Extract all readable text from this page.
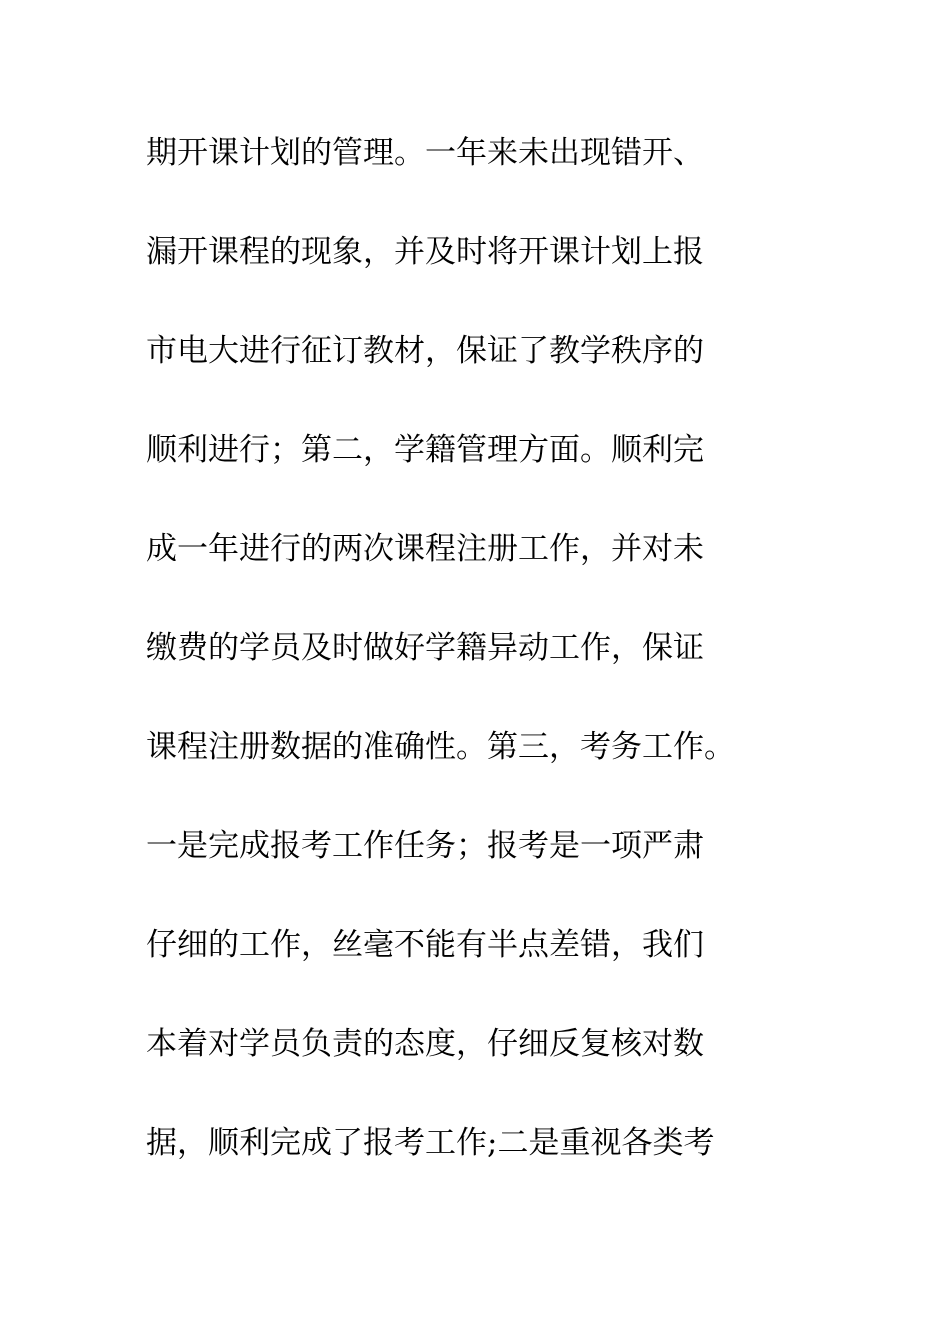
期开课计划的管理。一年来未出现错开、
漏开课程的现象，并及时将开课计划上报
市电大进行征订教材，保证了教学秩序的
顺利进行；第二，学籍管理方面。顺利完
成一年进行的两次课程注册工作，并对未
缴费的学员及时做好学籍异动工作，保证
课程注册数据的准确性。第三，考务工作。
一是完成报考工作任务；报考是一项严肃
仔细的工作，丝毫不能有半点差错，我们
本着对学员负责的态度，仔细反复核对数
据，顺利完成了报考工作;二是重视各类考
